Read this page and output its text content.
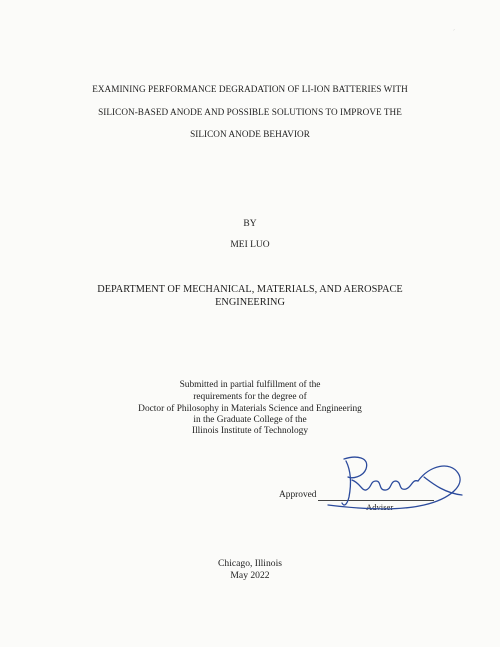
´
EXAMINING PERFORMANCE DEGRADATION OF LI-ION BATTERIES WITH
SILICON-BASED ANODE AND POSSIBLE SOLUTIONS TO IMPROVE THE
SILICON ANODE BEHAVIOR
BY
MEI LUO
DEPARTMENT OF MECHANICAL, MATERIALS, AND AEROSPACE
ENGINEERING
Submitted in partial fulfillment of the
requirements for the degree of
Doctor of Philosophy in Materials Science and Engineering
in the Graduate College of the
Illinois Institute of Technology
Approved
Adviser
Chicago, Illinois
May 2022
